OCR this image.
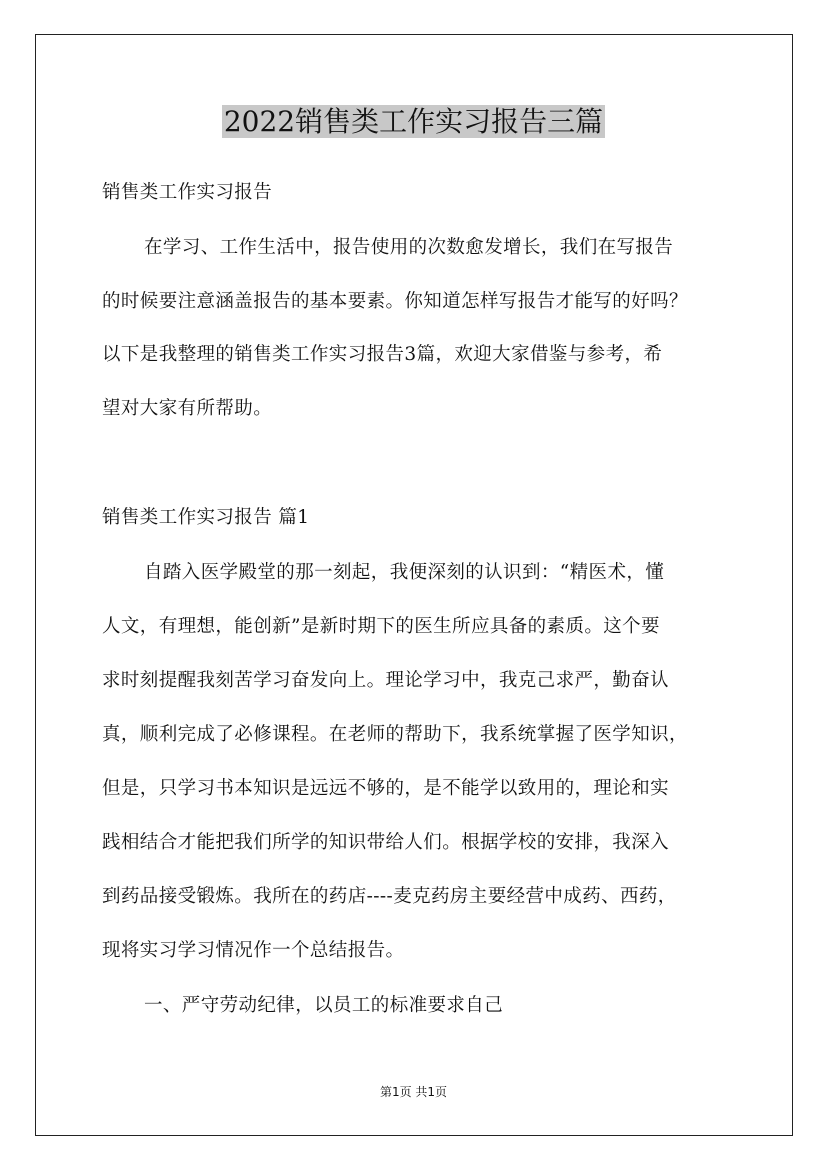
2022销售类工作实习报告三篇
销售类工作实习报告
在学习、工作生活中，报告使用的次数愈发增长，我们在写报告
的时候要注意涵盖报告的基本要素。你知道怎样写报告才能写的好吗？
以下是我整理的销售类工作实习报告3篇，欢迎大家借鉴与参考，希
望对大家有所帮助。
销售类工作实习报告 篇1
自踏入医学殿堂的那一刻起，我便深刻的认识到：“精医术，懂
人文，有理想，能创新”是新时期下的医生所应具备的素质。这个要
求时刻提醒我刻苦学习奋发向上。理论学习中，我克己求严，勤奋认
真，顺利完成了必修课程。在老师的帮助下，我系统掌握了医学知识，
但是，只学习书本知识是远远不够的，是不能学以致用的，理论和实
践相结合才能把我们所学的知识带给人们。根据学校的安排，我深入
到药品接受锻炼。我所在的药店----麦克药房主要经营中成药、西药，
现将实习学习情况作一个总结报告。
一、严守劳动纪律，以员工的标准要求自己
第1页 共1页
